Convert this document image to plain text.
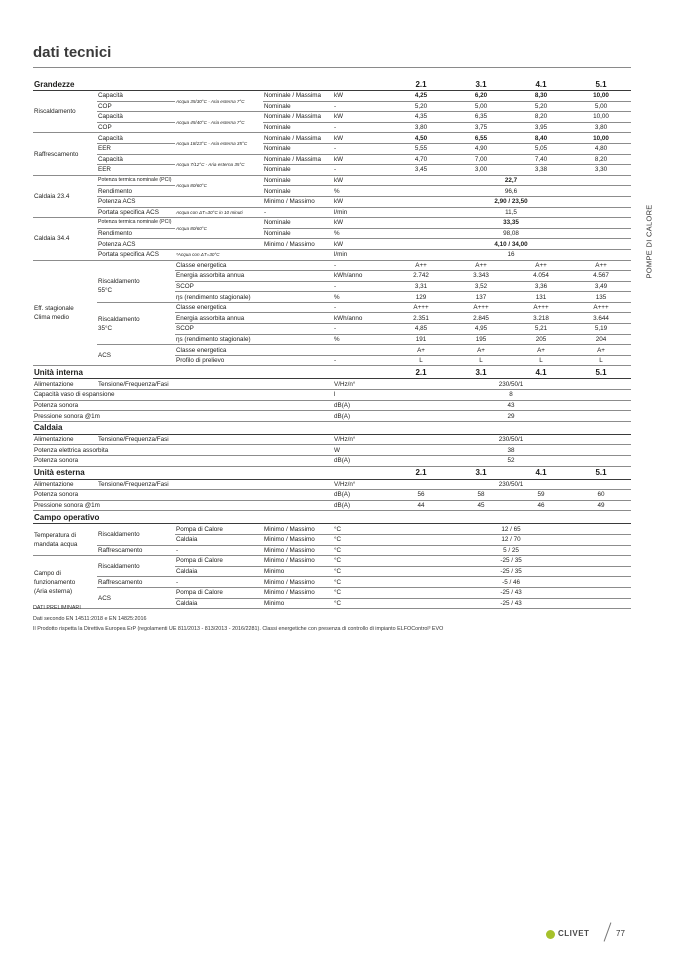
dati tecnici
POMPE DI CALORE
Grandezze					2.1	3.1	4.1	5.1
Riscaldamento	Capacità	Acqua 35/30°C - Aria esterna 7°C	Nominale / Massima	kW	4,25	6,20	8,30	10,00
	COP		Nominale	-	5,20	5,00	5,20	5,00
	Capacità	Acqua 45/40°C - Aria esterna 7°C	Nominale / Massima	kW	4,35	6,35	8,20	10,00
	COP		Nominale	-	3,80	3,75	3,95	3,80
Raffrescamento	Capacità	Acqua 18/23°C - Aria esterna 35°C	Nominale / Massima	kW	4,50	6,55	8,40	10,00
	EER		Nominale	-	5,55	4,90	5,05	4,80
	Capacità	Acqua 7/12°C - Aria esterna 35°C	Nominale / Massima	kW	4,70	7,00	7,40	8,20
	EER		Nominale	-	3,45	3,00	3,38	3,30
Caldaia 23.4	Potenza termica nominale (PCI)	Acqua 80/60°C	Nominale	kW	22,7			
	Rendimento		Nominale	%	96,6			
	Potenza ACS		Minimo / Massimo	kW	2,90 / 23,50			
	Portata specifica ACS	Acqua con ΔT=30°C in 10 minuti	-	l/min	11,5			
Caldaia 34.4	Potenza termica nominale (PCI)	Acqua 80/60°C	Nominale	kW	33,35			
	Rendimento		Nominale	%	98,08			
	Potenza ACS		Minimo / Massimo	kW	4,10 / 34,00			
	Portata specifica ACS	*Acqua con ΔT=30°C		l/min	16			

Eff. stagionale
Clima medio		Classe energetica		-	A++	A++	A++	A++

	Riscaldamento
55°C	Energia assorbita annua		kWh/anno	2.742	3.343	4.054	4.567
		SCOP		-	3,31	3,52	3,36	3,49
		ηs (rendimento stagionale)		%	129	137	131	135

	Riscaldamento
35°C	Classe energetica		-	A+++	A+++	A+++	A+++
		Energia assorbita annua		kWh/anno	2.351	2.845	3.218	3.644
		SCOP		-	4,85	4,95	5,21	5,19
		ηs (rendimento stagionale)		%	191	195	205	204
	ACS	Classe energetica			A+	A+	A+	A+
		Profilo di prelievo		-	L	L	L	L
Unità interna					2.1	3.1	4.1	5.1
Alimentazione	Tensione/Frequenza/Fasi			V/Hz/n°	230/50/1			
Capacità vaso di espansione				l	8			
Potenza sonora				dB(A)	43			
Pressione sonora @1m				dB(A)	29			
Caldaia								
Alimentazione	Tensione/Frequenza/Fasi			V/Hz/n°	230/50/1			
Potenza elettrica assorbita				W	38			
Potenza sonora				dB(A)	52			
Unità esterna					2.1	3.1	4.1	5.1
Alimentazione	Tensione/Frequenza/Fasi			V/Hz/n°	230/50/1			
Potenza sonora				dB(A)	56	58	59	60
Pressione sonora @1m				dB(A)	44	45	46	49
Campo operativo								

Temperatura di
mandata acqua	Riscaldamento	Pompa di Calore	Minimo / Massimo	°C	12 / 65			
		Caldaia	Minimo / Massimo	°C	12 / 70			
	Raffrescamento	-	Minimo / Massimo	°C	5 / 25			

Campo di
funzionamento
(Aria esterna)	Riscaldamento	Pompa di Calore	Minimo / Massimo	°C	-25 / 35			
		Caldaia	Minimo	°C	-25 / 35			
	Raffrescamento	-	Minimo / Massimo	°C	-5 / 46			
	ACS	Pompa di Calore	Minimo / Massimo	°C	-25 / 43			
		Caldaia	Minimo	°C	-25 / 43			
DATI PRELIMINARI
Dati secondo EN 14511:2018 e EN 14825:2016
Il Prodotto rispetta la Direttiva Europea ErP (regolamenti UE 811/2013 - 813/2013 - 2016/2281). Classi energetiche con presenza di controllo di impianto ELFOControl³ EVO
CLIVET	77
